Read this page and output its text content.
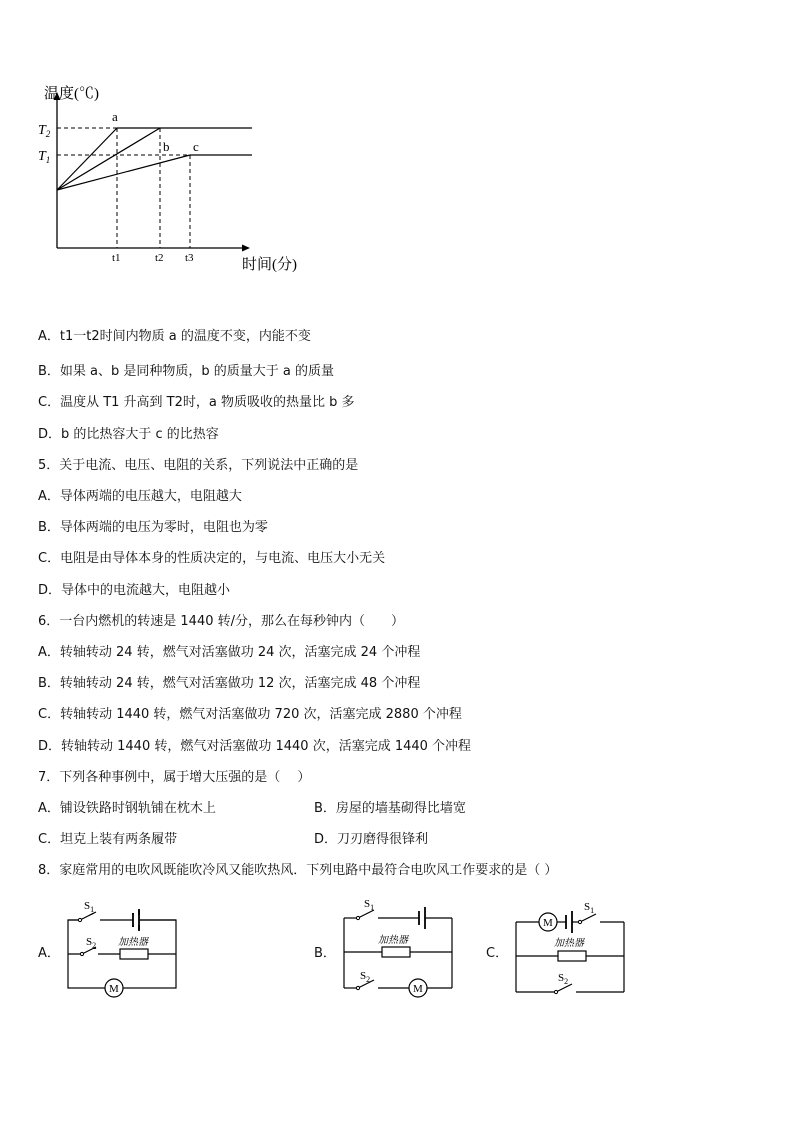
温度(℃)
时间(分)
$T_2$
$T_1$
a
b c
t1	t2 t3
A．t1一t2时间内物质 a 的温度不变，内能不变
B．如果 a、b 是同种物质，b 的质量大于 a 的质量
C．温度从 T1 升高到 T2时，a 物质吸收的热量比 b 多
D．b 的比热容大于 c 的比热容
5．关于电流、电压、电阻的关系，下列说法中正确的是
A．导体两端的电压越大，电阻越大
B．导体两端的电压为零时，电阻也为零
C．电阻是由导体本身的性质决定的，与电流、电压大小无关
D．导体中的电流越大，电阻越小
6．一台内燃机的转速是 1440 转/分，那么在每秒钟内（　　）
A．转轴转动 24 转，燃气对活塞做功 24 次，活塞完成 24 个冲程
B．转轴转动 24 转，燃气对活塞做功 12 次，活塞完成 48 个冲程
C．转轴转动 1440 转，燃气对活塞做功 720 次，活塞完成 2880 个冲程
D．转轴转动 1440 转，燃气对活塞做功 1440 次，活塞完成 1440 个冲程
7．下列各种事例中，属于增大压强的是（　 ）
A．铺设铁路时钢轨铺在枕木上	B．房屋的墙基砌得比墙宽
C．坦克上装有两条履带	D．刀刃磨得很锋利
8．家庭常用的电吹风既能吹冷风又能吹热风．下列电路中最符合电吹风工作要求的是（ ）
A．
加热器
$S_1$
$S_2$
M
B．
加热器
$S_1$
$S_2$
M
C．
M
加热器
$S_1$
$S_2$
